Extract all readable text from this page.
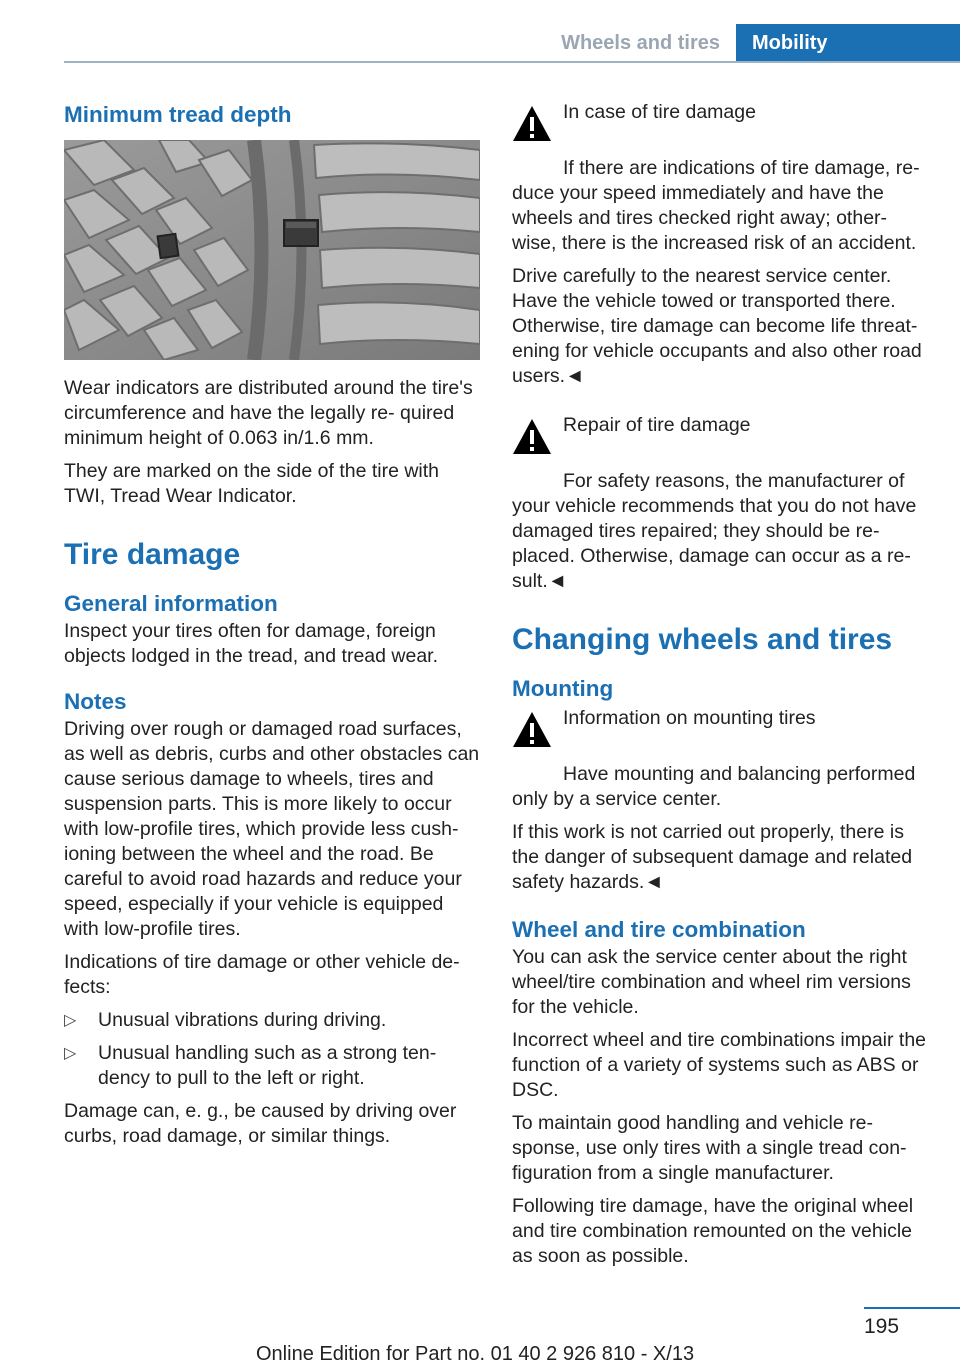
Wheels and tires	Mobility
Minimum tread depth

Wear indicators are distributed around the tire's circumference and have the legally re‐ quired minimum height of 0.063 in/1.6 mm.

They are marked on the side of the tire with TWI, Tread Wear Indicator.

Tire damage
General information

Inspect your tires often for damage, foreign objects lodged in the tread, and tread wear.

Notes

Driving over rough or damaged road surfaces, as well as debris, curbs and other obstacles can cause serious damage to wheels, tires and suspension parts. This is more likely to occur with low-profile tires, which provide less cush‐ ioning between the wheel and the road. Be careful to avoid road hazards and reduce your speed, especially if your vehicle is equipped with low-profile tires.

Indications of tire damage or other vehicle de‐ fects:

▷	Unusual vibrations during driving.
▷	Unusual handling such as a strong ten‐ dency to pull to the left or right.

Damage can, e. g., be caused by driving over curbs, road damage, or similar things.

In case of tire damage

If there are indications of tire damage, re‐ duce your speed immediately and have the wheels and tires checked right away; other‐ wise, there is the increased risk of an accident.

Drive carefully to the nearest service center. Have the vehicle towed or transported there. Otherwise, tire damage can become life threat‐ ening for vehicle occupants and also other road users.◄

Repair of tire damage

For safety reasons, the manufacturer of your vehicle recommends that you do not have damaged tires repaired; they should be re‐ placed. Otherwise, damage can occur as a re‐ sult.◄

Changing wheels and tires
Mounting
Information on mounting tires

Have mounting and balancing performed only by a service center.

If this work is not carried out properly, there is the danger of subsequent damage and related safety hazards.◄

Wheel and tire combination

You can ask the service center about the right wheel/tire combination and wheel rim versions for the vehicle.

Incorrect wheel and tire combinations impair the function of a variety of systems such as ABS or DSC.

To maintain good handling and vehicle re‐ sponse, use only tires with a single tread con‐ figuration from a single manufacturer.

Following tire damage, have the original wheel and tire combination remounted on the vehicle as soon as possible.

195
Online Edition for Part no. 01 40 2 926 810 - X/13
